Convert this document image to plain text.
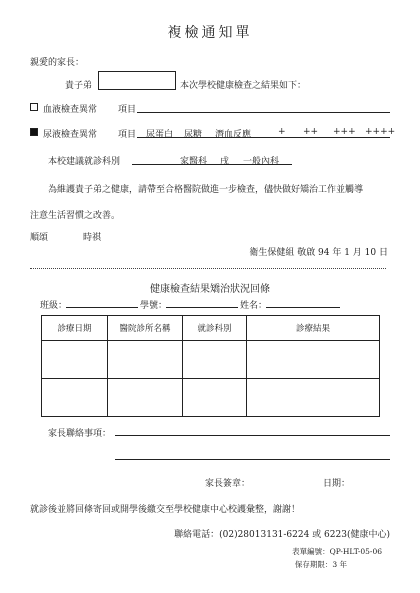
複檢通知單
親愛的家長：
貴子弟	本次學校健康檢查之結果如下：
血液檢查異常 項目
尿液檢查異常 項目 尿蛋白 尿糖 潛血反應	+ ++ +++ ++++
本校建議就診科別	家醫科 戌 一般內科
為維護貴子弟之健康，請帶至合格醫院做進一步檢查，儘快做好矯治工作並觸導
注意生活習慣之改善。
順頌	時祺
衛生保健組 敬啟 94 年 1 月 10 日
健康檢查結果矯治狀況回條
班級：	學號：	姓名：
診療日期	醫院診所名稱	就診科別	診療結果

家長聯絡事項：
家長簽章：	日期：
就診後並將回條寄回或開學後繳交至學校健康中心校護彙整，謝謝！
聯絡電話：(02)28013131-6224 或 6223(健康中心)
表單編號：QP-HLT-05-06
保存期限：3 年
